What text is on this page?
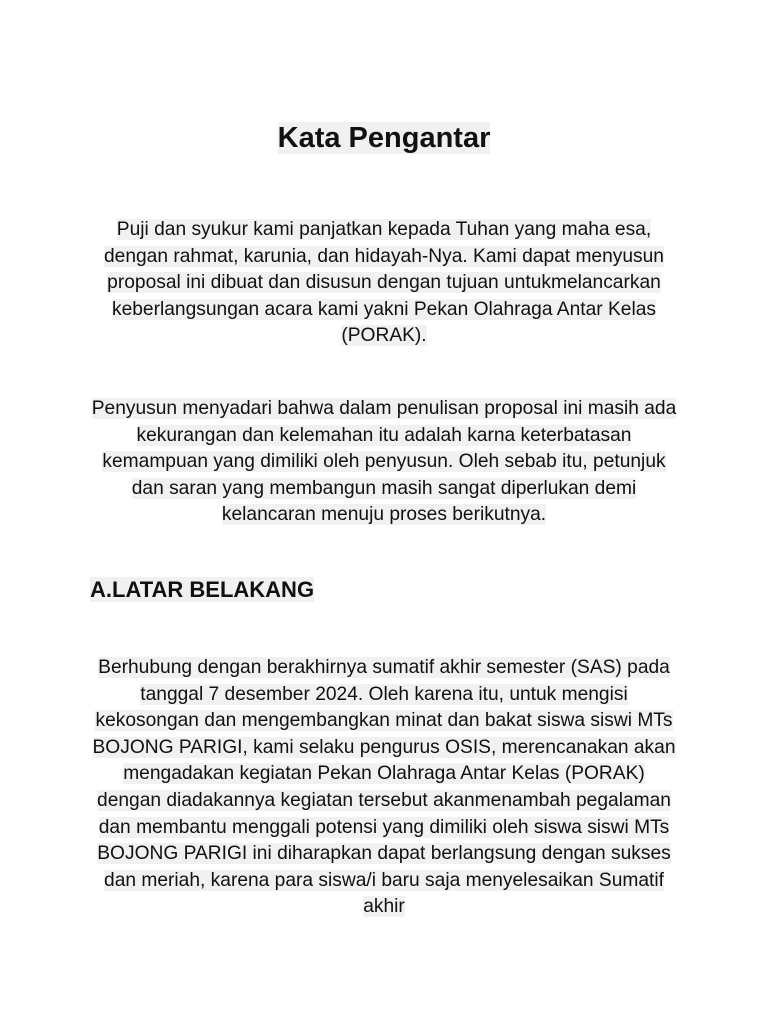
Kata Pengantar

Puji dan syukur kami panjatkan kepada Tuhan yang maha esa, dengan rahmat, karunia, dan hidayah-Nya. Kami dapat menyusun proposal ini dibuat dan disusun dengan tujuan untukmelancarkan keberlangsungan acara kami yakni Pekan Olahraga Antar Kelas (PORAK).

Penyusun menyadari bahwa dalam penulisan proposal ini masih ada kekurangan dan kelemahan itu adalah karna keterbatasan kemampuan yang dimiliki oleh penyusun. Oleh sebab itu, petunjuk dan saran yang membangun masih sangat diperlukan demi kelancaran menuju proses berikutnya.

A.LATAR BELAKANG

Berhubung dengan berakhirnya sumatif akhir semester (SAS) pada tanggal 7 desember 2024. Oleh karena itu, untuk mengisi kekosongan dan mengembangkan minat dan bakat siswa siswi MTs BOJONG PARIGI, kami selaku pengurus OSIS, merencanakan akan mengadakan kegiatan Pekan Olahraga Antar Kelas (PORAK) dengan diadakannya kegiatan tersebut akanmenambah pegalaman dan membantu menggali potensi yang dimiliki oleh siswa siswi MTs BOJONG PARIGI ini diharapkan dapat berlangsung dengan sukses dan meriah, karena para siswa/i baru saja menyelesaikan Sumatif akhir
